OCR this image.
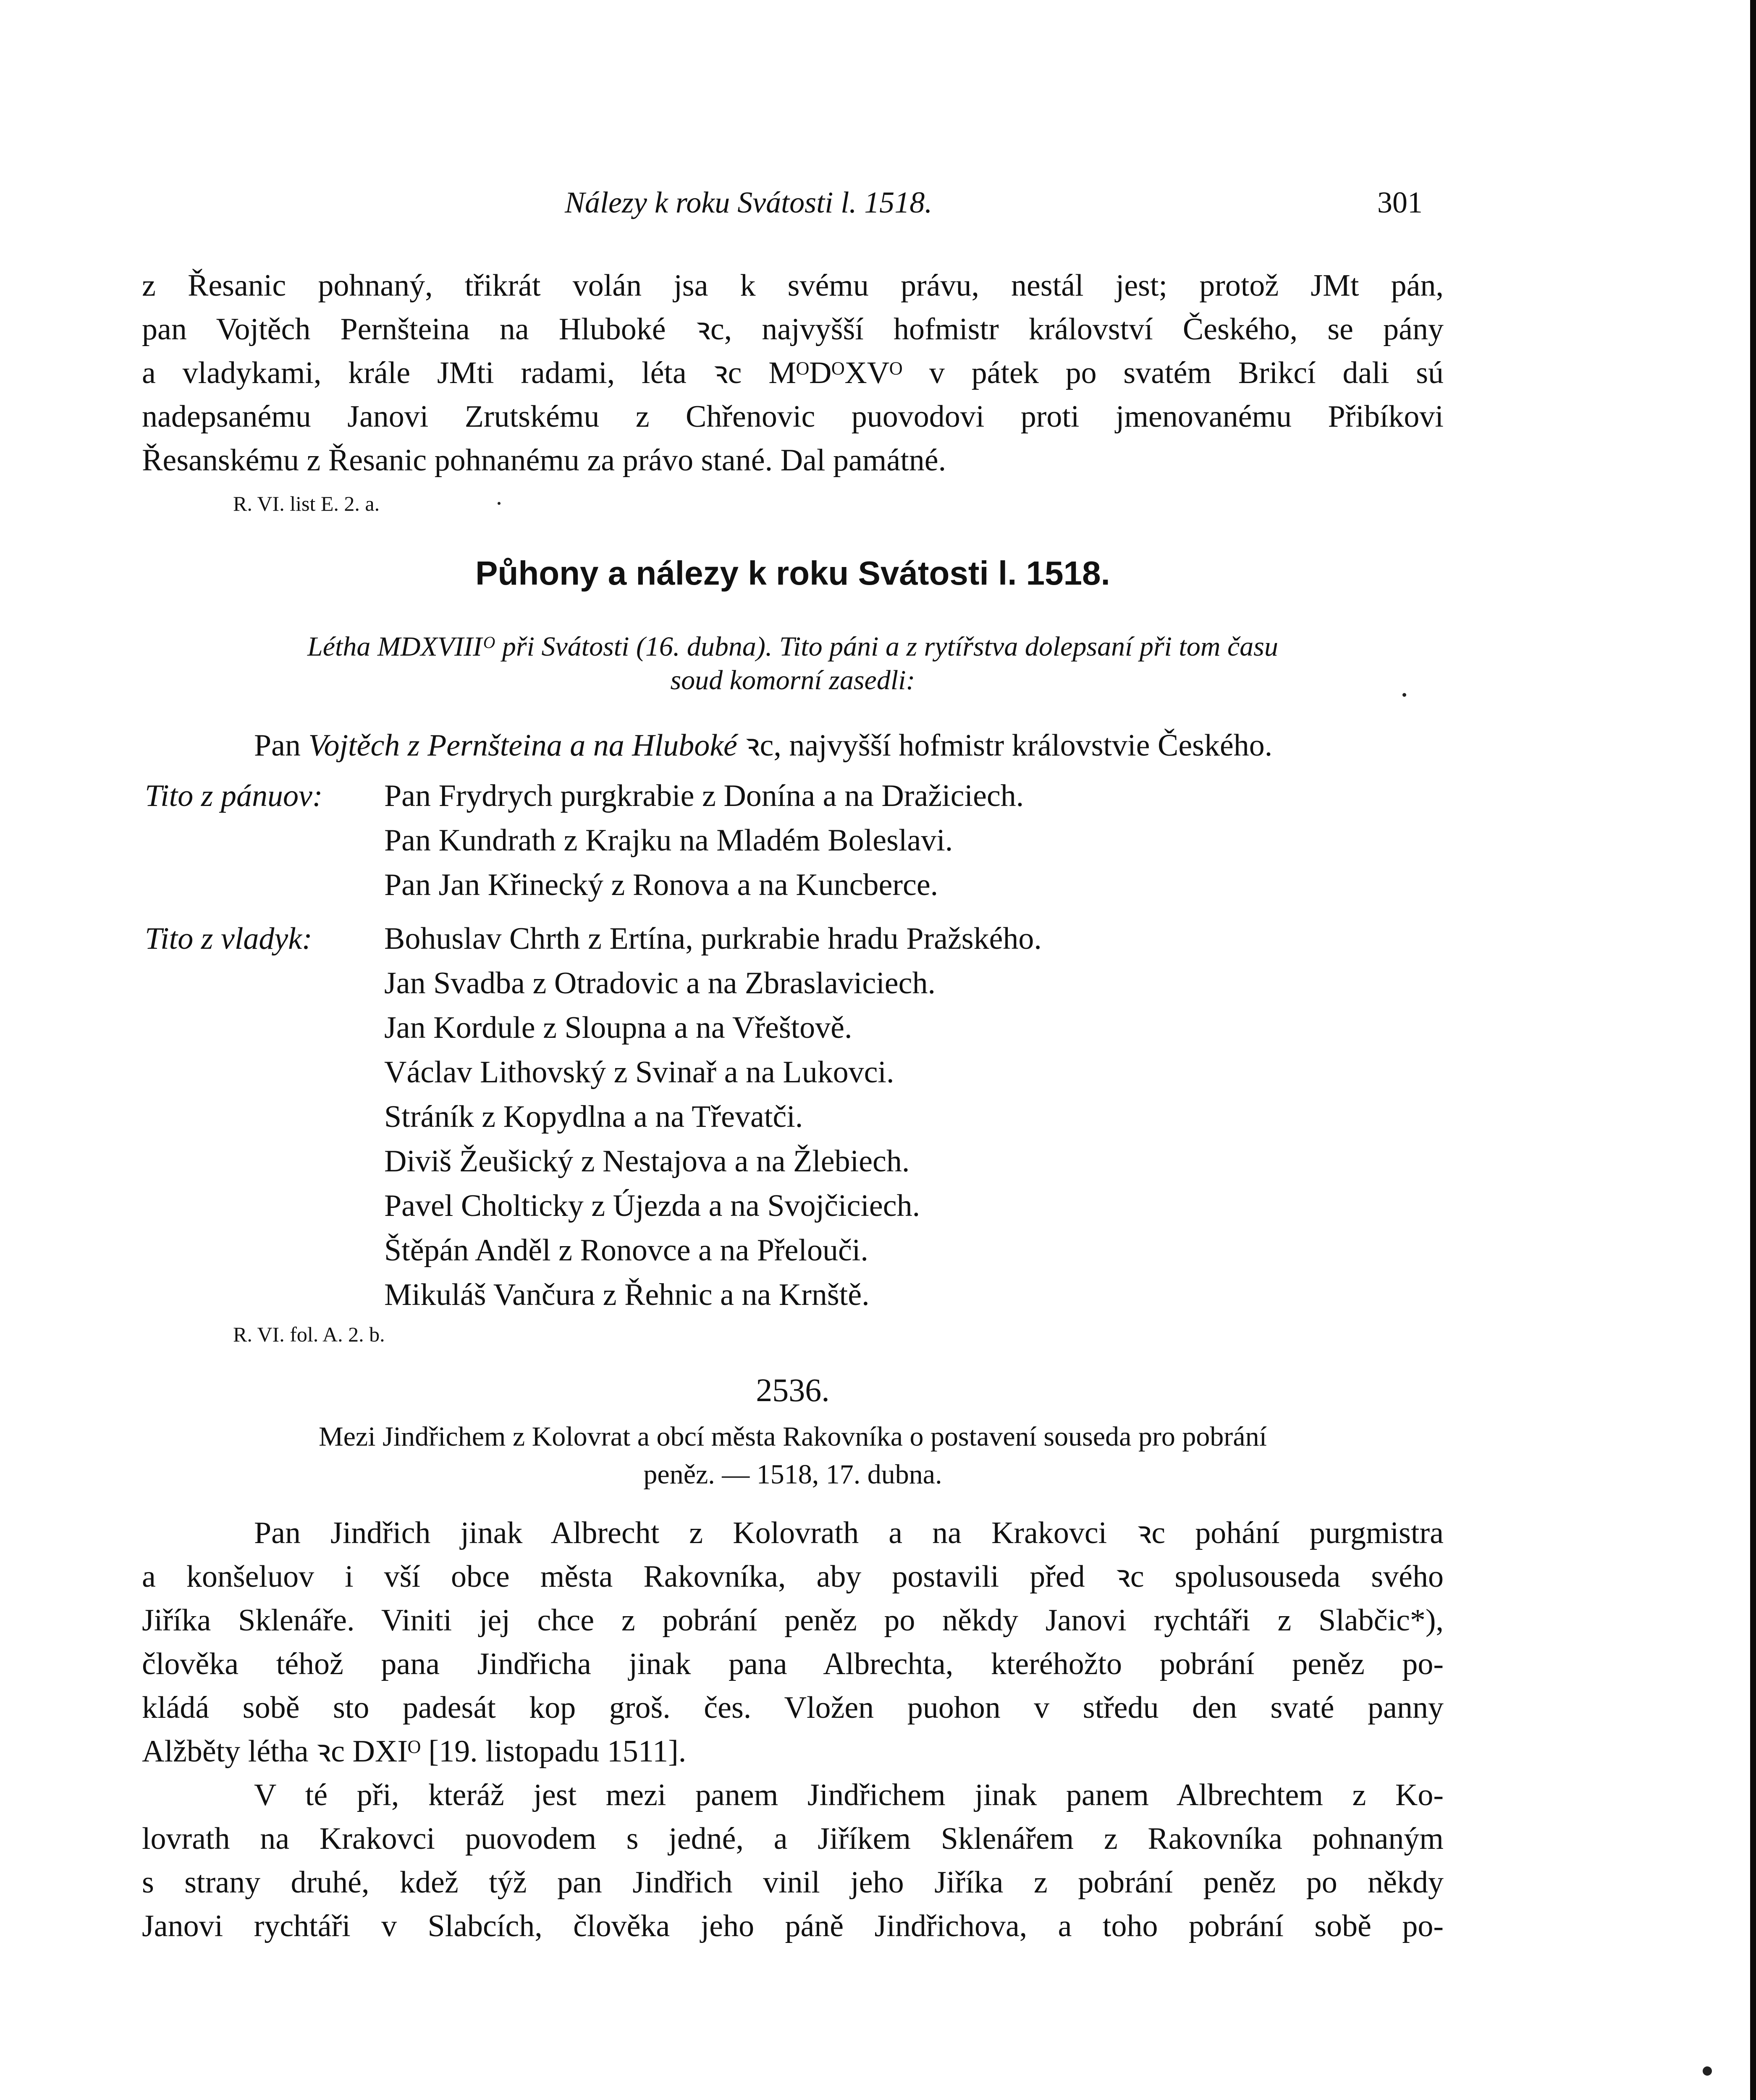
Nálezy k roku Svátosti l. 1518.	301
z Řesanic pohnaný, třikrát volán jsa k svému právu, nestál jest; protož JMt pán,
pan Vojtěch Pernšteina na Hluboké ꝛc, najvyšší hofmistr království Českého, se pány
a vladykami, krále JMti radami, léta ꝛc MᴼDᴼXVᴼ v pátek po svatém Brikcí dali sú
nadepsanému Janovi Zrutskému z Chřenovic puovodovi proti jmenovanému Přibíkovi
Řesanskému z Řesanic pohnanému za právo stané. Dal památné.
R. VI. list E. 2. a.
Půhony a nálezy k roku Svátosti l. 1518.
Létha MDXVIIIᴼ při Svátosti (16. dubna). Tito páni a z rytířstva dolepsaní při tom času
soud komorní zasedli:
Pan Vojtěch z Pernšteina a na Hluboké ꝛc, najvyšší hofmistr královstvie Českého.
Tito z pánuov: Pan Frydrych purgkrabie z Donína a na Dražiciech.
Pan Kundrath z Krajku na Mladém Boleslavi.
Pan Jan Křinecký z Ronova a na Kuncberce.
Tito z vladyk: Bohuslav Chrth z Ertína, purkrabie hradu Pražského.
Jan Svadba z Otradovic a na Zbraslaviciech.
Jan Kordule z Sloupna a na Vřeštově.
Václav Lithovský z Svinař a na Lukovci.
Stráník z Kopydlna a na Třevatči.
Diviš Žeušický z Nestajova a na Žlebiech.
Pavel Cholticky z Újezda a na Svojčiciech.
Štěpán Anděl z Ronovce a na Přelouči.
Mikuláš Vančura z Řehnic a na Krnště.
R. VI. fol. A. 2. b.
2536.
Mezi Jindřichem z Kolovrat a obcí města Rakovníka o postavení souseda pro pobrání
peněz. — 1518, 17. dubna.
Pan Jindřich jinak Albrecht z Kolovrath a na Krakovci ꝛc pohání purgmistra
a konšeluov i vší obce města Rakovníka, aby postavili před ꝛc spolusouseda svého
Jiříka Sklenáře. Viniti jej chce z pobrání peněz po někdy Janovi rychtáři z Slabčic*),
člověka téhož pana Jindřicha jinak pana Albrechta, kteréhožto pobrání peněz po-
kládá sobě sto padesát kop groš. čes. Vložen puohon v středu den svaté panny
Alžběty létha ꝛc DXIᴼ [19. listopadu 1511].
V té při, kteráž jest mezi panem Jindřichem jinak panem Albrechtem z Ko-
lovrath na Krakovci puovodem s jedné, a Jiříkem Sklenářem z Rakovníka pohnaným
s strany druhé, kdež týž pan Jindřich vinil jeho Jiříka z pobrání peněz po někdy
Janovi rychtáři v Slabcích, člověka jeho páně Jindřichova, a toho pobrání sobě po-
